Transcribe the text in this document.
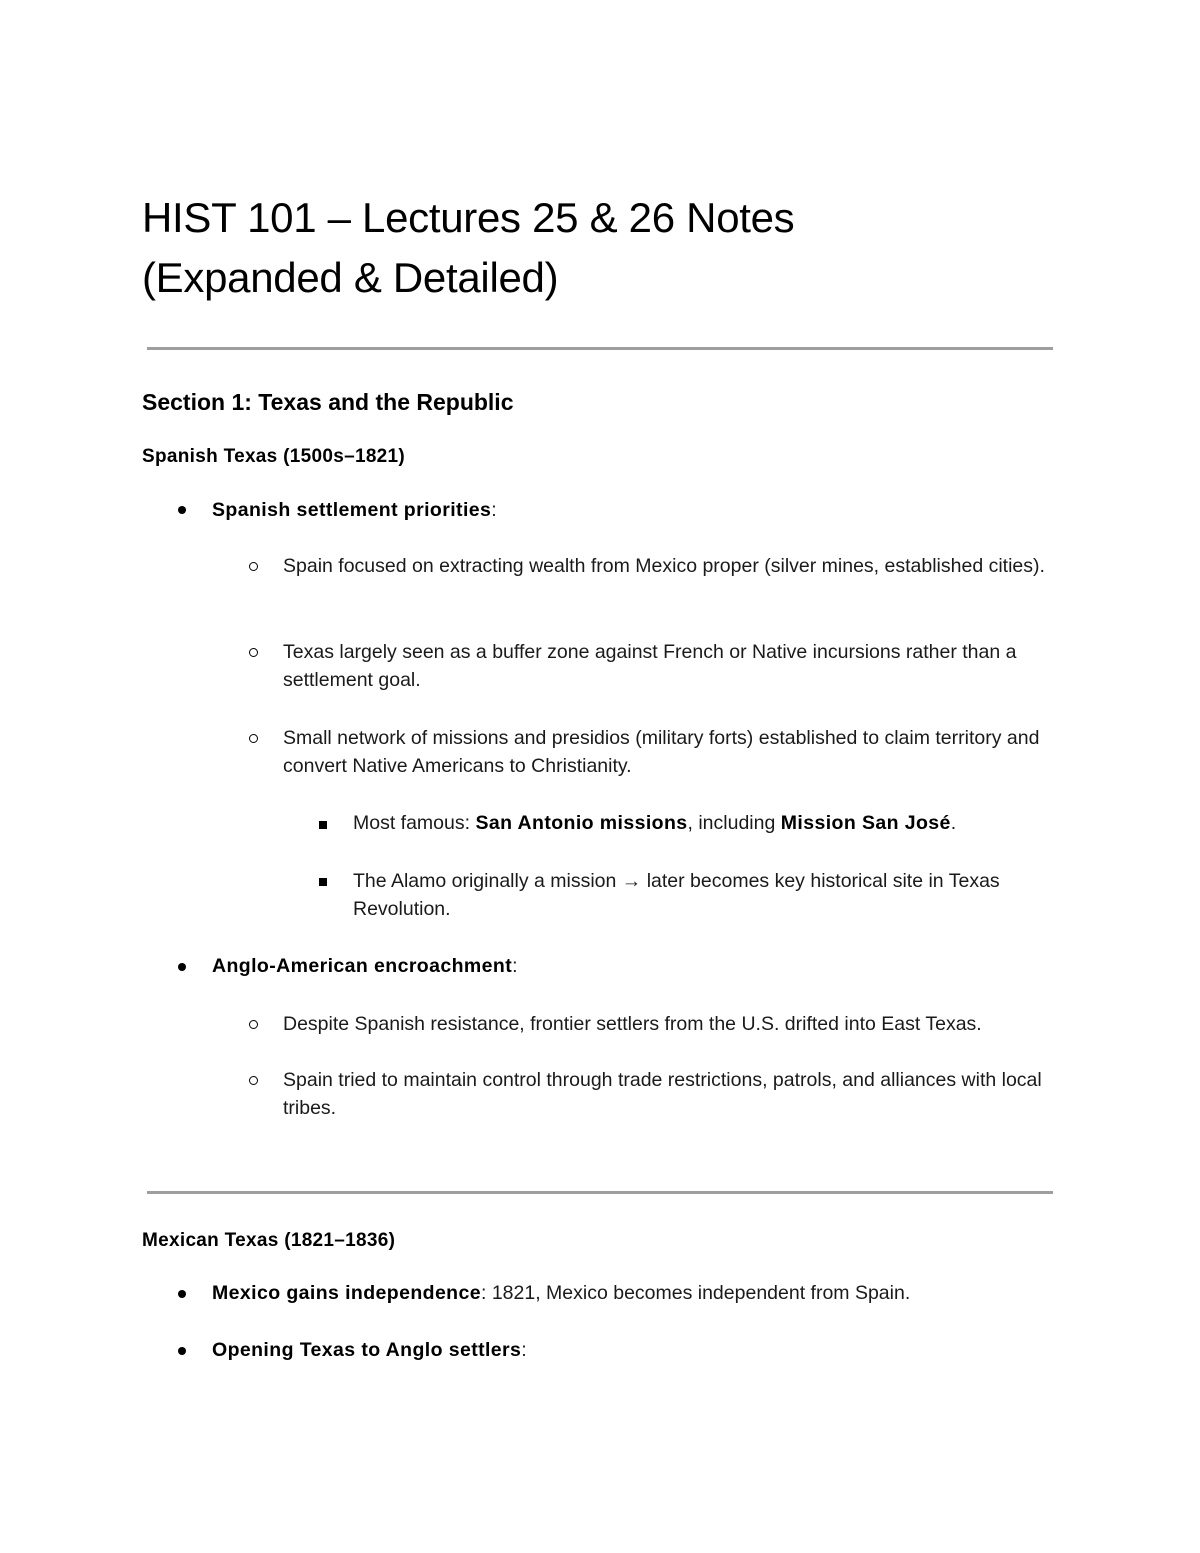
HIST 101 – Lectures 25 & 26 Notes
(Expanded & Detailed)
Section 1: Texas and the Republic
Spanish Texas (1500s–1821)
Spanish settlement priorities:
Spain focused on extracting wealth from Mexico proper (silver mines, established cities).
Texas largely seen as a buffer zone against French or Native incursions rather than a settlement goal.
Small network of missions and presidios (military forts) established to claim territory and convert Native Americans to Christianity.
Most famous: San Antonio missions, including Mission San José.
The Alamo originally a mission → later becomes key historical site in Texas Revolution.
Anglo-American encroachment:
Despite Spanish resistance, frontier settlers from the U.S. drifted into East Texas.
Spain tried to maintain control through trade restrictions, patrols, and alliances with local tribes.
Mexican Texas (1821–1836)
Mexico gains independence: 1821, Mexico becomes independent from Spain.
Opening Texas to Anglo settlers:
